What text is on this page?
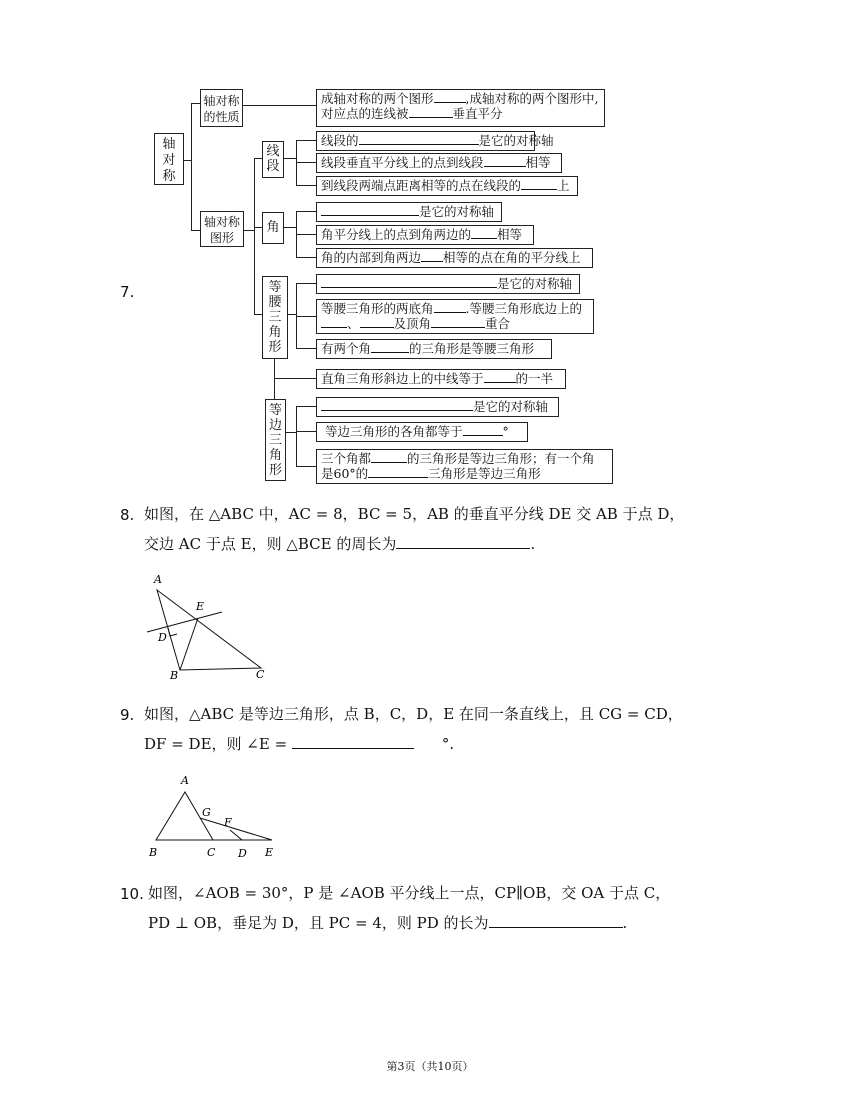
7.
轴对称
轴对称的性质
成轴对称的两个图形	,成轴对称的两个图形中,
对应点的连线被	垂直平分
轴对称图形
线段
线段的	是它的对称轴
线段垂直平分线上的点到线段	相等
到线段两端点距离相等的点在线段的	上
角
是它的对称轴
角平分线上的点到角两边的 相等
角的内部到角两边 相等的点在角的平分线上
等腰三角形
是它的对称轴
等腰三角形的两底角	.等腰三角形底边上的
、	及顶角	重合
有两个角	的三角形是等腰三角形
直角三角形斜边上的中线等于	的一半
等边三角形
是它的对称轴
等边三角形的各角都等于	°
三个角都	的三角形是等边三角形；有一个角
是60°的	三角形是等边三角形
8. 如图，在 △ABC 中，AC = 8，BC = 5，AB 的垂直平分线 DE 交 AB 于点 D，
交边 AC 于点 E，则 △BCE 的周长为	.
A
E
D
B	C
9. 如图，△ABC 是等边三角形，点 B，C，D，E 在同一条直线上，且 CG = CD，
DF = DE，则 ∠E =	°.
A
G
F
B	C D E
10. 如图，∠AOB = 30°，P 是 ∠AOB 平分线上一点，CP∥OB，交 OA 于点 C，
PD ⊥ OB，垂足为 D，且 PC = 4，则 PD 的长为	.
第3页（共10页）
